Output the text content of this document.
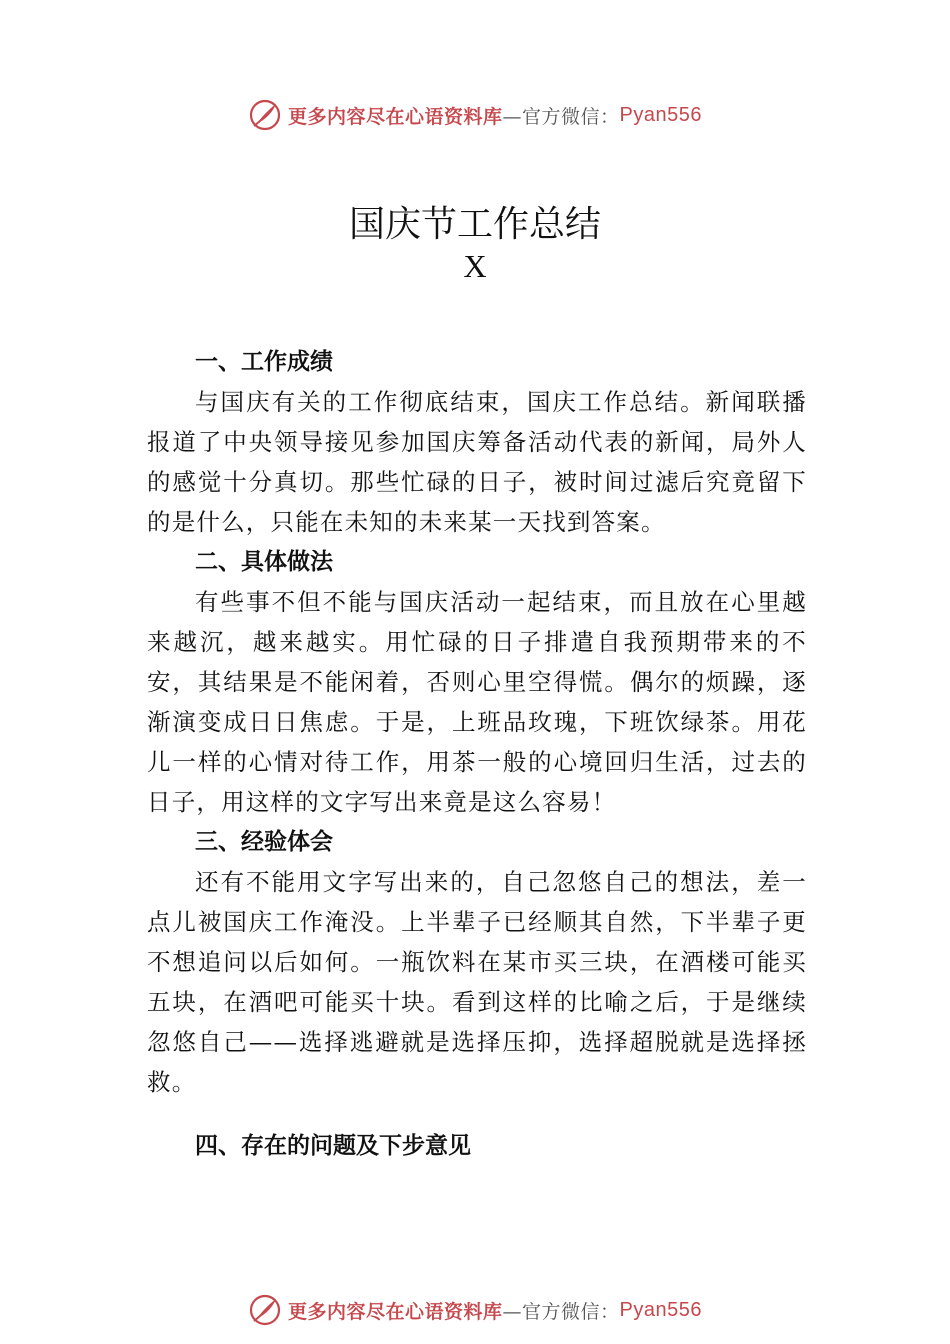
更多内容尽在心语资料库 —官方微信： Pyan556
国庆节工作总结
X

一、工作成绩

与国庆有关的工作彻底结束，国庆工作总结。新闻联播报道了中央领导接见参加国庆筹备活动代表的新闻，局外人的感觉十分真切。那些忙碌的日子，被时间过滤后究竟留下的是什么，只能在未知的未来某一天找到答案。

二、具体做法

有些事不但不能与国庆活动一起结束，而且放在心里越来越沉，越来越实。用忙碌的日子排遣自我预期带来的不安，其结果是不能闲着，否则心里空得慌。偶尔的烦躁，逐渐演变成日日焦虑。于是，上班品玫瑰，下班饮绿茶。用花儿一样的心情对待工作，用茶一般的心境回归生活，过去的日子，用这样的文字写出来竟是这么容易！

三、经验体会

还有不能用文字写出来的，自己忽悠自己的想法，差一点儿被国庆工作淹没。上半辈子已经顺其自然，下半辈子更不想追问以后如何。一瓶饮料在某市买三块，在酒楼可能买五块，在酒吧可能买十块。看到这样的比喻之后，于是继续忽悠自己——选择逃避就是选择压抑，选择超脱就是选择拯救。

四、存在的问题及下步意见

更多内容尽在心语资料库 —官方微信： Pyan556
